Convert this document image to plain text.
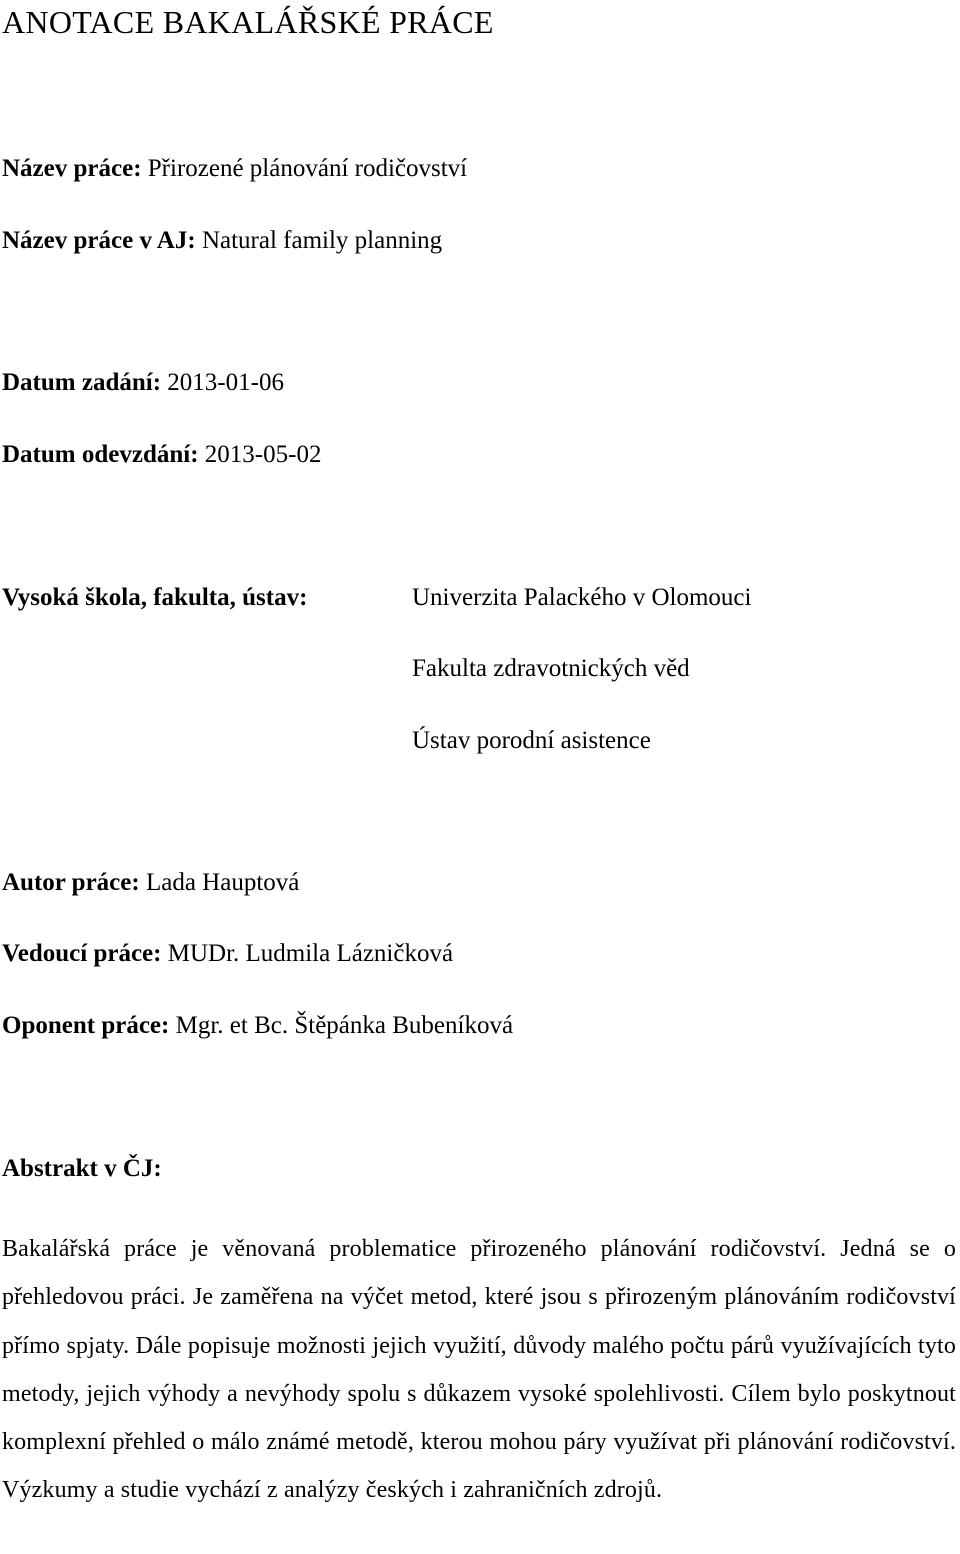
ANOTACE BAKALÁŘSKÉ PRÁCE
Název práce: Přirozené plánování rodičovství
Název práce v AJ: Natural family planning
Datum zadání: 2013-01-06
Datum odevzdání: 2013-05-02
Vysoká škola, fakulta, ústav:	Univerzita Palackého v Olomouci
Fakulta zdravotnických věd
Ústav porodní asistence
Autor práce: Lada Hauptová
Vedoucí práce: MUDr. Ludmila Lázničková
Oponent práce: Mgr. et Bc. Štěpánka Bubeníková
Abstrakt v ČJ:
Bakalářská práce je věnovaná problematice přirozeného plánování rodičovství. Jedná se o přehledovou práci. Je zaměřena na výčet metod, které jsou s přirozeným plánováním rodičovství přímo spjaty. Dále popisuje možnosti jejich využití, důvody malého počtu párů využívajících tyto metody, jejich výhody a nevýhody spolu s důkazem vysoké spolehlivosti. Cílem bylo poskytnout komplexní přehled o málo známé metodě, kterou mohou páry využívat při plánování rodičovství. Výzkumy a studie vychází z analýzy českých i zahraničních zdrojů.
